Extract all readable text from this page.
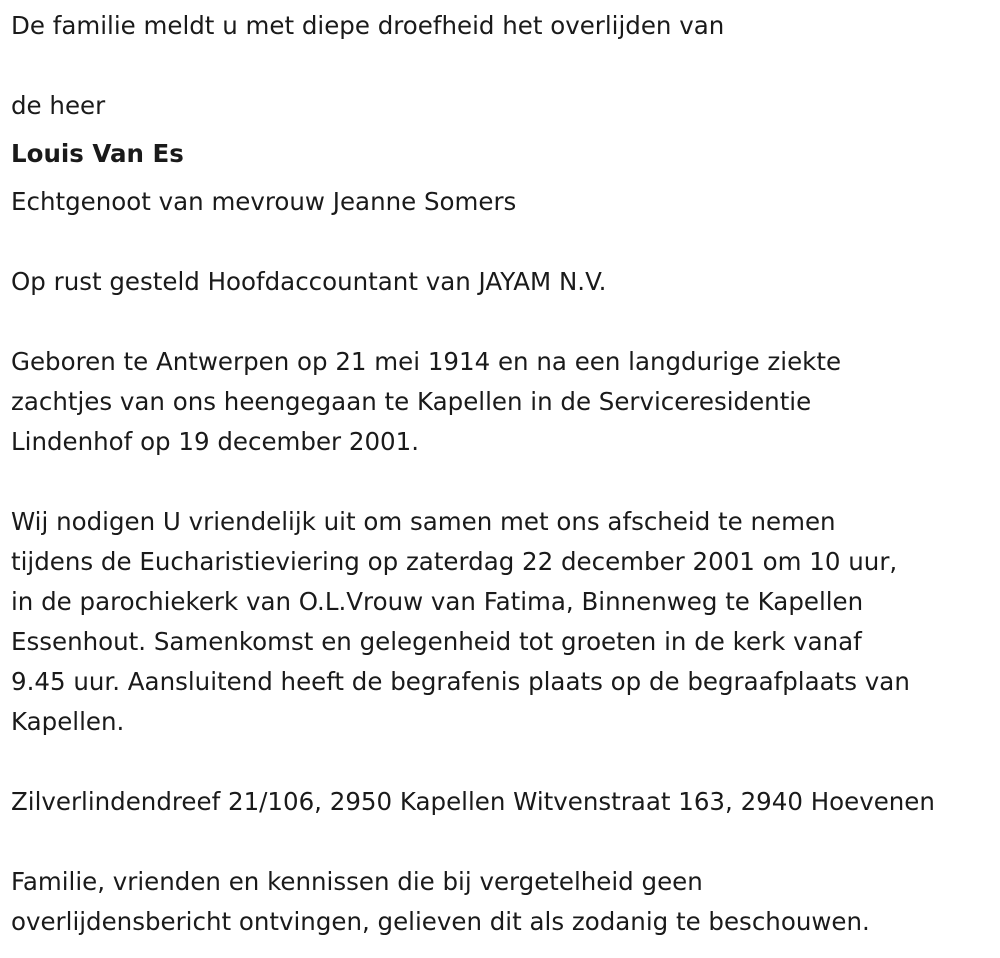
De familie meldt u met diepe droefheid het overlijden van

de heer

Louis Van Es

Echtgenoot van mevrouw Jeanne Somers

Op rust gesteld Hoofdaccountant van JAYAM N.V.

Geboren te Antwerpen op 21 mei 1914 en na een langdurige ziekte

zachtjes van ons heengegaan te Kapellen in de Serviceresidentie

Lindenhof op 19 december 2001.

Wij nodigen U vriendelijk uit om samen met ons afscheid te nemen

tijdens de Eucharistieviering op zaterdag 22 december 2001 om 10 uur,

in de parochiekerk van O.L.Vrouw van Fatima, Binnenweg te Kapellen

Essenhout. Samenkomst en gelegenheid tot groeten in de kerk vanaf

9.45 uur. Aansluitend heeft de begrafenis plaats op de begraafplaats van

Kapellen.

Zilverlindendreef 21/106, 2950 Kapellen Witvenstraat 163, 2940 Hoevenen

Familie, vrienden en kennissen die bij vergetelheid geen

overlijdensbericht ontvingen, gelieven dit als zodanig te beschouwen.
